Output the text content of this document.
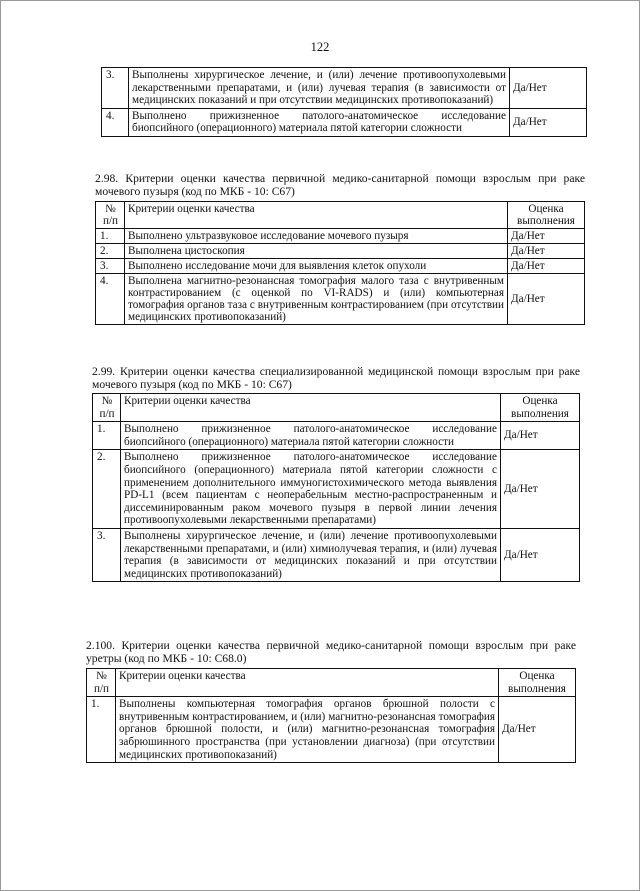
122
3.	Выполнены хирургическое лечение, и (или) лечение противоопухолевыми лекарственными препаратами, и (или) лучевая терапия (в зависимости от медицинских показаний и при отсутствии медицинских противопоказаний)	Да/Нет
4.	Выполнено прижизненное патолого-анатомическое исследование биопсийного (операционного) материала пятой категории сложности	Да/Нет
2.98. Критерии оценки качества первичной медико-санитарной помощи взрослым при раке мочевого пузыря (код по МКБ - 10: С67)
№ п/п	Критерии оценки качества	Оценка выполнения
1.	Выполнено ультразвуковое исследование мочевого пузыря	Да/Нет
2.	Выполнена цистоскопия	Да/Нет
3.	Выполнено исследование мочи для выявления клеток опухоли	Да/Нет
4.	Выполнена магнитно-резонансная томография малого таза с внутривенным контрастированием (с оценкой по VI-RADS) и (или) компьютерная томография органов таза с внутривенным контрастированием (при отсутствии медицинских противопоказаний)	Да/Нет
2.99. Критерии оценки качества специализированной медицинской помощи взрослым при раке мочевого пузыря (код по МКБ - 10: С67)
№ п/п	Критерии оценки качества	Оценка выполнения
1.	Выполнено прижизненное патолого-анатомическое исследование биопсийного (операционного) материала пятой категории сложности	Да/Нет
2.	Выполнено прижизненное патолого-анатомическое исследование биопсийного (операционного) материала пятой категории сложности с применением дополнительного иммуногистохимического метода выявления PD-L1 (всем пациентам с неоперабельным местно-распространенным и диссеминированным раком мочевого пузыря в первой линии лечения противоопухолевыми лекарственными препаратами)	Да/Нет
3.	Выполнены хирургическое лечение, и (или) лечение противоопухолевыми лекарственными препаратами, и (или) химиолучевая терапия, и (или) лучевая терапия (в зависимости от медицинских показаний и при отсутствии медицинских противопоказаний)	Да/Нет
2.100. Критерии оценки качества первичной медико-санитарной помощи взрослым при раке уретры (код по МКБ - 10: С68.0)
№ п/п	Критерии оценки качества	Оценка выполнения
1.	Выполнены компьютерная томография органов брюшной полости с внутривенным контрастированием, и (или) магнитно-резонансная томография органов брюшной полости, и (или) магнитно-резонансная томография забрюшинного пространства (при установлении диагноза) (при отсутствии медицинских противопоказаний)	Да/Нет
